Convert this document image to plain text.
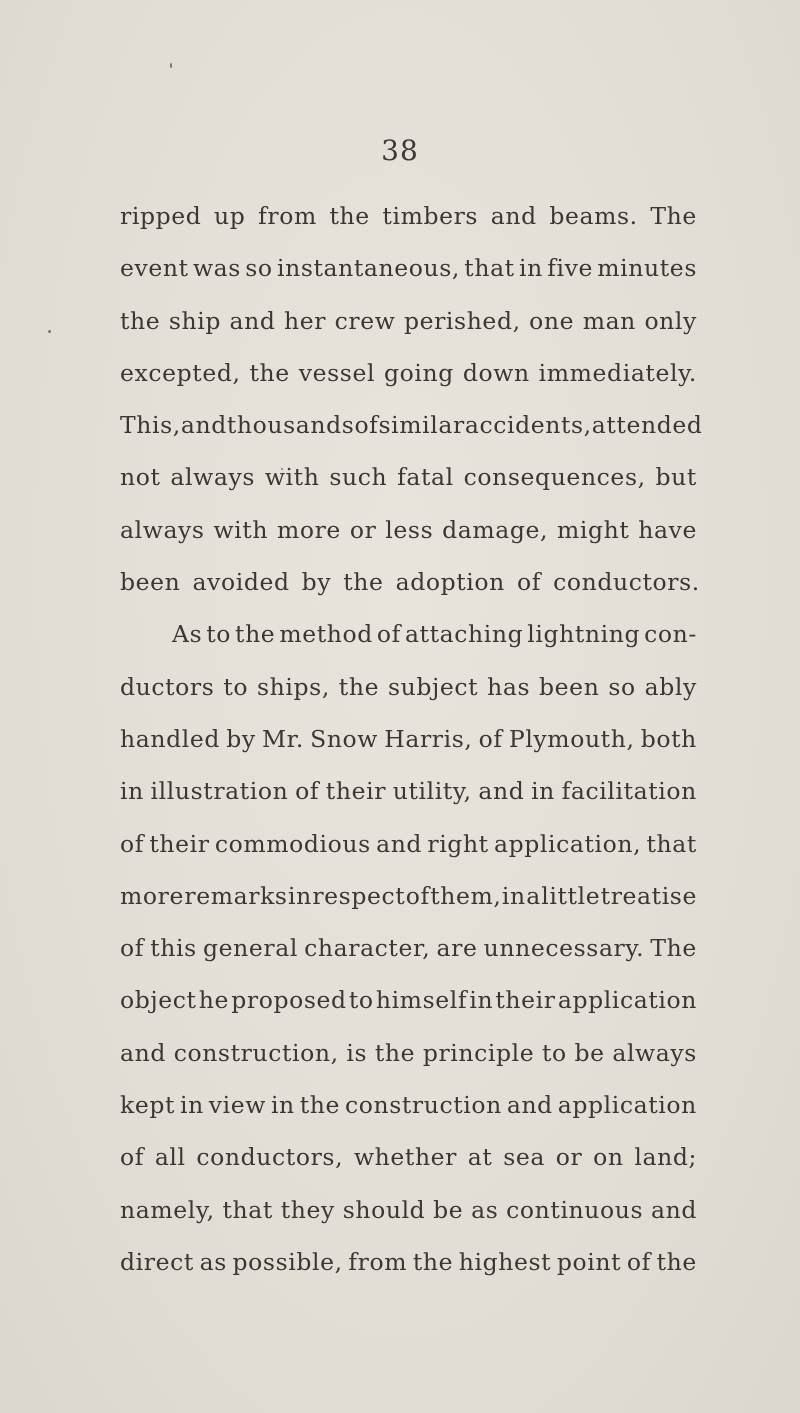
38
ripped up from the timbers and beams. The
event was so instantaneous, that in five minutes
the ship and her crew perished, one man only
excepted, the vessel going down immediately.
This, and thousands of similar accidents, attended
not always with such fatal consequences, but
always with more or less damage, might have
been avoided by the adoption of conductors.
As to the method of attaching lightning con-
ductors to ships, the subject has been so ably
handled by Mr. Snow Harris, of Plymouth, both
in illustration of their utility, and in facilitation
of their commodious and right application, that
more remarks in respect of them, in a little treatise
of this general character, are unnecessary. The
object he proposed to himself in their application
and construction, is the principle to be always
kept in view in the construction and application
of all conductors, whether at sea or on land;
namely, that they should be as continuous and
direct as possible, from the highest point of the
